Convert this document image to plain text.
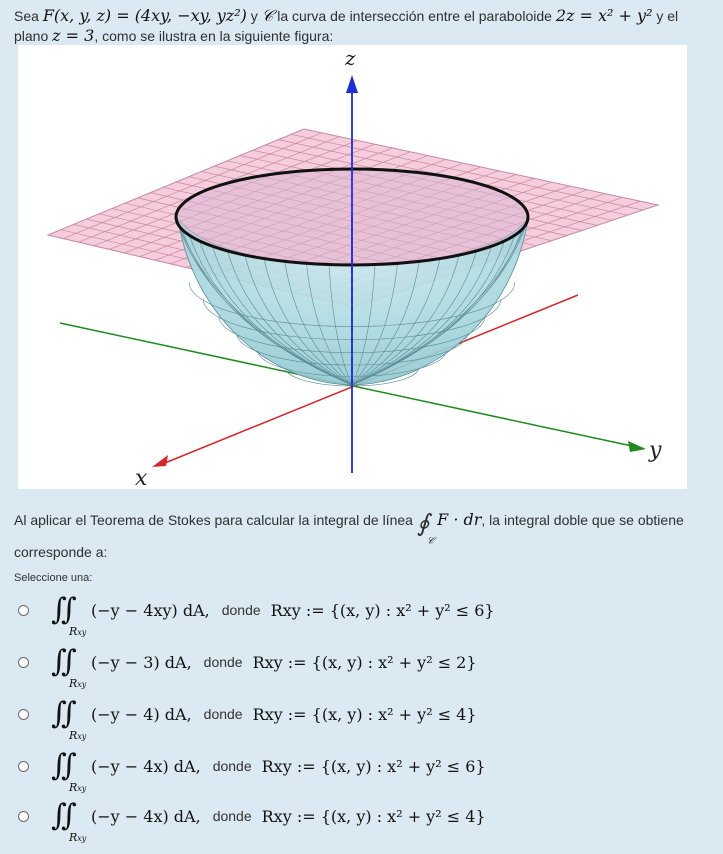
Sea F(x, y, z) = (4xy, −xy, yz²) y 𝒞 la curva de intersección entre el paraboloide 2z = x² + y² y el plano z = 3, como se ilustra en la siguiente figura:
z
y
x
Al aplicar el Teorema de Stokes para calcular la integral de línea ∮
𝒞
F · dr, la integral doble que se obtiene corresponde a:
Seleccione una:
∬
Rxy
(−y − 4xy) dA, donde Rxy := {(x, y) : x² + y² ≤ 6}
∬
Rxy
(−y − 3) dA, donde Rxy := {(x, y) : x² + y² ≤ 2}
∬
Rxy
(−y − 4) dA, donde Rxy := {(x, y) : x² + y² ≤ 4}
∬
Rxy
(−y − 4x) dA, donde Rxy := {(x, y) : x² + y² ≤ 6}
∬
Rxy
(−y − 4x) dA, donde Rxy := {(x, y) : x² + y² ≤ 4}
